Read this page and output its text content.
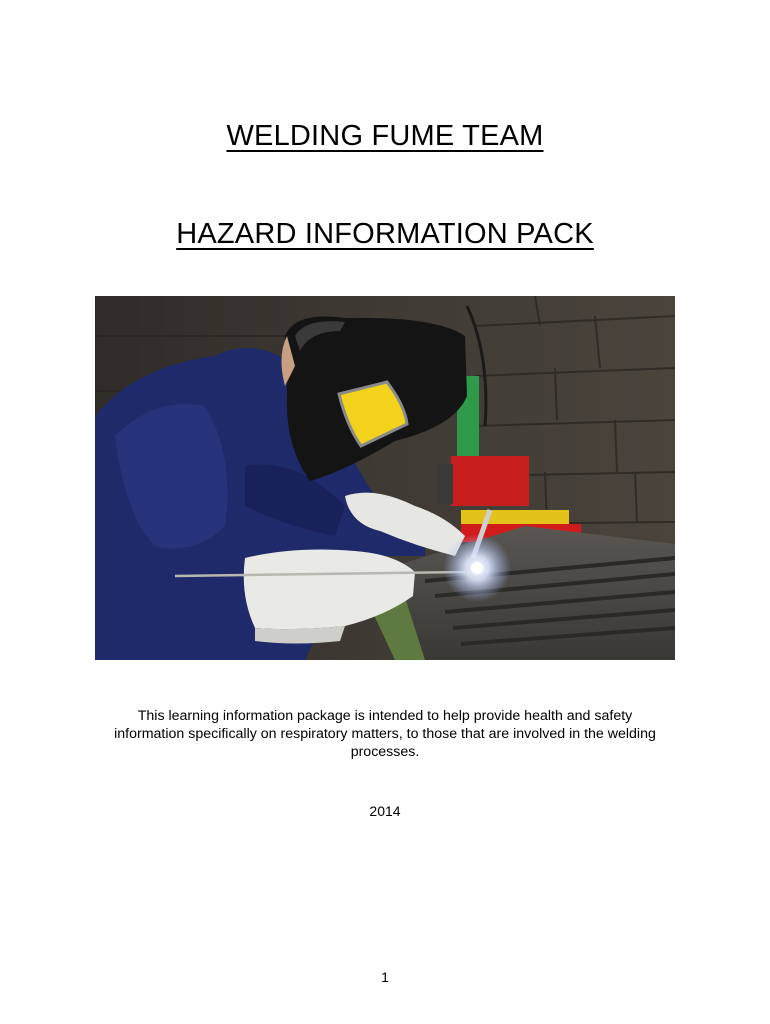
WELDING FUME TEAM
HAZARD INFORMATION PACK
This learning information package is intended to help provide health and safety information specifically on respiratory matters, to those that are involved in the welding processes.
2014
1
